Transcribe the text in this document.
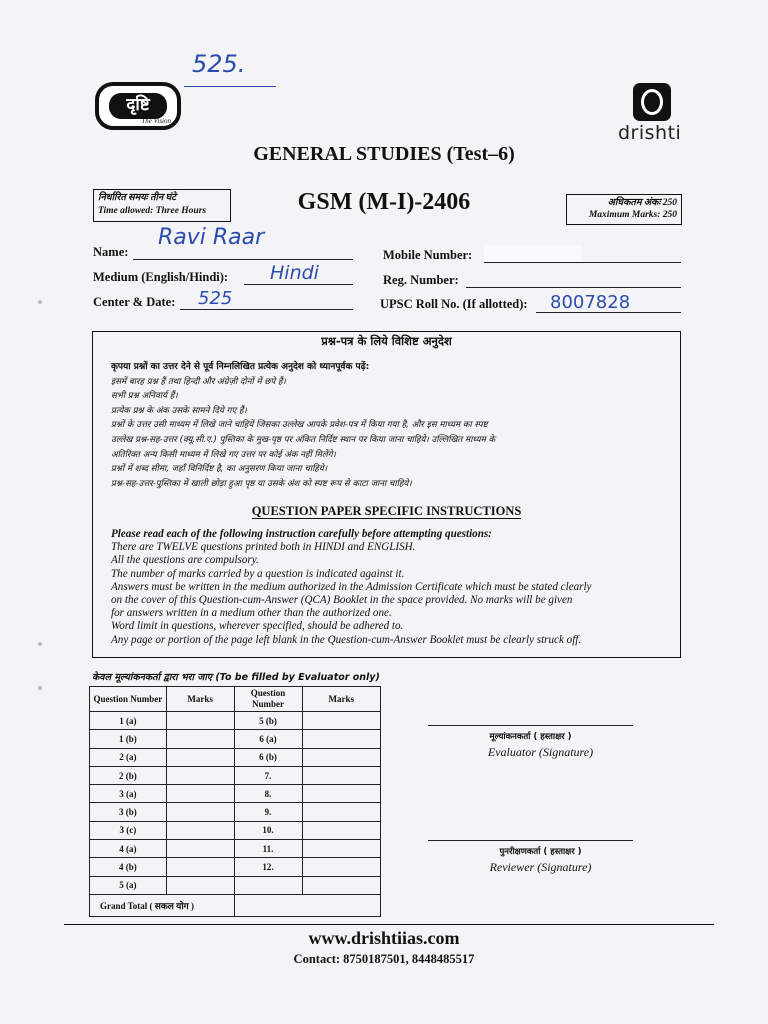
525.
दृष्टि
The Vision
drishti
GENERAL STUDIES (Test–6)
GSM (M-I)-2406
निर्धारित समयः तीन घंटे
Time allowed: Three Hours
अधिकतम अंकः 250
Maximum Marks: 250
Name:
Ravi Raar
Medium (English/Hindi): Hindi
Center & Date: 525
Mobile Number:
Reg. Number:
UPSC Roll No. (If allotted): 8007828
प्रश्न-पत्र के लिये विशिष्ट अनुदेश
कृपया प्रश्नों का उत्तर देने से पूर्व निम्नलिखित प्रत्येक अनुदेश को ध्यानपूर्वक पढ़ें:
इसमें बारह प्रश्न हैं तथा हिन्दी और अंग्रेज़ी दोनों में छपे हैं।
सभी प्रश्न अनिवार्य हैं।
प्रत्येक प्रश्न के अंक उसके सामने दिये गए हैं।
प्रश्नों के उत्तर उसी माध्यम में लिखे जाने चाहियें जिसका उल्लेख आपके प्रवेश-पत्र में किया गया है, और इस माध्यम का स्पष्ट
उल्लेख प्रश्न-सह-उत्तर (क्यू.सी.ए.) पुस्तिका के मुख-पृष्ठ पर अंकित निर्दिष्ट स्थान पर किया जाना चाहिये। उल्लिखित माध्यम के
अतिरिक्त अन्य किसी माध्यम में लिखे गए उत्तर पर कोई अंक नहीं मिलेंगे।
प्रश्नों में शब्द सीमा, जहाँ विनिर्दिष्ट है, का अनुसरण किया जाना चाहिये।
प्रश्न-सह-उत्तर-पुस्तिका में खाली छोड़ा हुआ पृष्ठ या उसके अंश को स्पष्ट रूप से काटा जाना चाहिये।
QUESTION PAPER SPECIFIC INSTRUCTIONS
Please read each of the following instruction carefully before attempting questions:
There are TWELVE questions printed both in HINDI and ENGLISH.
All the questions are compulsory.
The number of marks carried by a question is indicated against it.
Answers must be written in the medium authorized in the Admission Certificate which must be stated clearly
on the cover of this Question-cum-Answer (QCA) Booklet in the space provided. No marks will be given
for answers written in a medium other than the authorized one.
Word limit in questions, wherever specified, should be adhered to.
Any page or portion of the page left blank in the Question-cum-Answer Booklet must be clearly struck off.
केवल मूल्यांकनकर्ता द्वारा भरा जाए (To be filled by Evaluator only)
Question Number	Marks	Question Number	Marks
1 (a)		5 (b)	
1 (b)		6 (a)	
2 (a)		6 (b)	
2 (b)		7.	
3 (a)		8.	
3 (b)		9.	
3 (c)		10.	
4 (a)		11.	
4 (b)		12.	
5 (a)			
Grand Total ( सकल योग )			
मूल्यांकनकर्ता ( हस्ताक्षर )
Evaluator (Signature)
पुनरीक्षणकर्ता ( हस्ताक्षर )
Reviewer (Signature)
www.drishtiias.com
Contact: 8750187501, 8448485517
